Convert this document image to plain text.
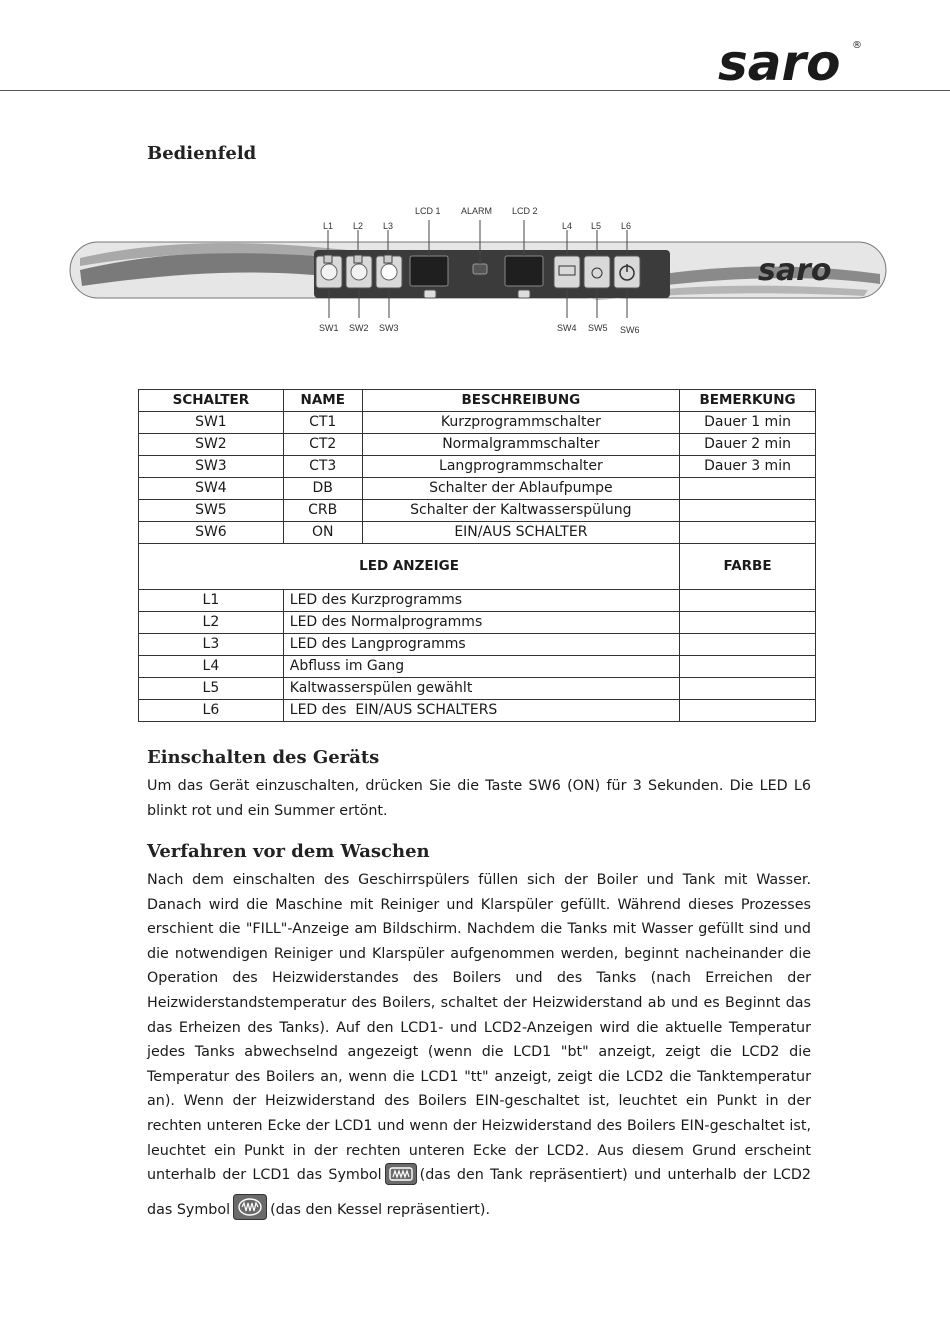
saro ®
Bedienfeld
L1 L2 L3
LCD 1 ALARM LCD 2
L4 L5 L6
SW1 SW2 SW3	SW4 SW5 SW6
saro
SCHALTER	NAME	BESCHREIBUNG	BEMERKUNG
SW1	CT1	Kurzprogrammschalter	Dauer 1 min
SW2	CT2	Normalgrammschalter	Dauer 2 min
SW3	CT3	Langprogrammschalter	Dauer 3 min
SW4	DB	Schalter der Ablaufpumpe	
SW5	CRB	Schalter der Kaltwasserspülung	
SW6	ON	EIN/AUS SCHALTER	
LED ANZEIGE			FARBE
L1	LED des Kurzprogramms		
L2	LED des Normalprogramms		
L3	LED des Langprogramms		
L4	Abfluss im Gang		
L5	Kaltwasserspülen gewählt		
L6	LED des  EIN/AUS SCHALTERS		
Einschalten des Geräts

Um das Gerät einzuschalten, drücken Sie die Taste SW6 (ON) für 3 Sekunden. Die LED L6 blinkt rot und ein Summer ertönt.

Verfahren vor dem Waschen

Nach dem einschalten des Geschirrspülers füllen sich der Boiler und Tank mit Wasser. Danach wird die Maschine mit Reiniger und Klarspüler gefüllt. Während dieses Prozesses erschient die "FILL"-Anzeige am Bildschirm. Nachdem die Tanks mit Wasser gefüllt sind und die notwendigen Reiniger und Klarspüler aufgenommen werden, beginnt nacheinander die Operation des Heizwiderstandes des Boilers und des Tanks (nach Erreichen der Heizwiderstandstemperatur des Boilers, schaltet der Heizwiderstand ab und es Beginnt das das Erheizen des Tanks). Auf den LCD1- und LCD2-Anzeigen wird die aktuelle Temperatur jedes Tanks abwechselnd angezeigt (wenn die LCD1 "bt" anzeigt, zeigt die LCD2 die Temperatur des Boilers an, wenn die LCD1 "tt" anzeigt, zeigt die LCD2 die Tanktemperatur an). Wenn der Heizwiderstand des Boilers EIN-geschaltet ist, leuchtet ein Punkt in der rechten unteren Ecke der LCD1 und wenn der Heizwiderstand des Boilers EIN-geschaltet ist, leuchtet ein Punkt in der rechten unteren Ecke der LCD2. Aus diesem Grund erscheint unterhalb der LCD1 das Symbol	(das den Tank repräsentiert) und unterhalb der LCD2 das Symbol	(das den Kessel repräsentiert).
